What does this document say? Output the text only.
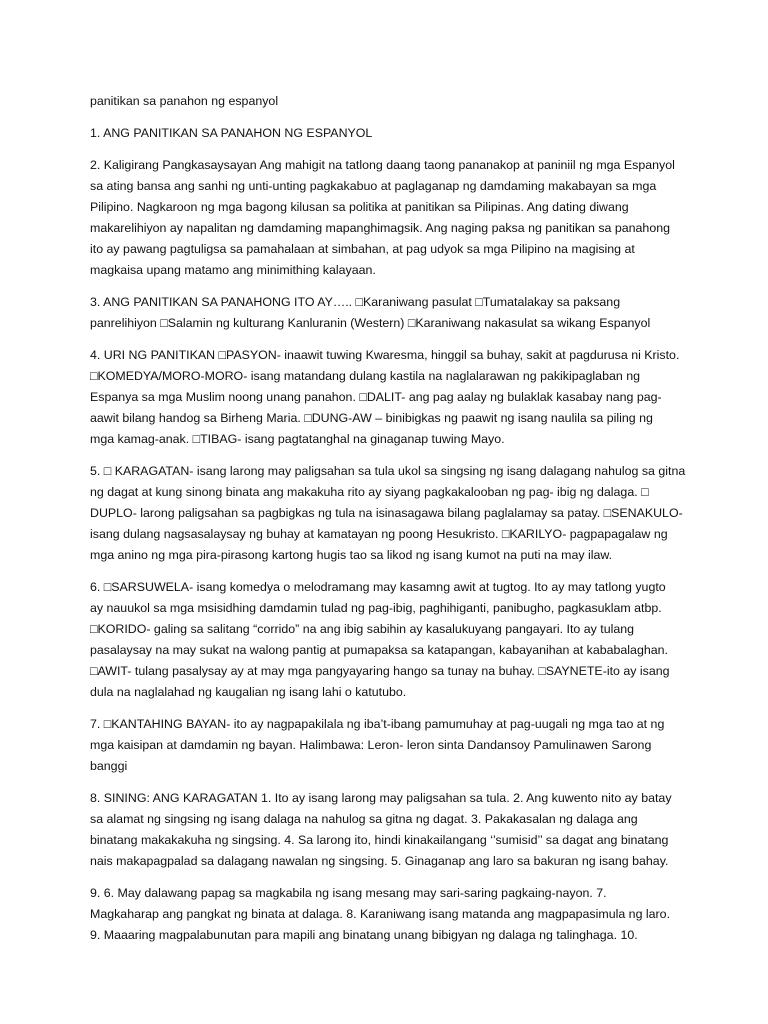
panitikan sa panahon ng espanyol

1. ANG PANITIKAN SA PANAHON NG ESPANYOL

2. Kaligirang Pangkasaysayan Ang mahigit na tatlong daang taong pananakop at paniniil ng mga Espanyol
sa ating bansa ang sanhi ng unti-unting pagkakabuo at paglaganap ng damdaming makabayan sa mga
Pilipino. Nagkaroon ng mga bagong kilusan sa politika at panitikan sa Pilipinas. Ang dating diwang
makarelihiyon ay napalitan ng damdaming mapanghimagsik. Ang naging paksa ng panitikan sa panahong
ito ay pawang pagtuligsa sa pamahalaan at simbahan, at pag udyok sa mga Pilipino na magising at
magkaisa upang matamo ang minimithing kalayaan.

3. ANG PANITIKAN SA PANAHONG ITO AY….. □Karaniwang pasulat □Tumatalakay sa paksang
panrelihiyon □Salamin ng kulturang Kanluranin (Western) □Karaniwang nakasulat sa wikang Espanyol

4. URI NG PANITIKAN □PASYON- inaawit tuwing Kwaresma, hinggil sa buhay, sakit at pagdurusa ni Kristo.
□KOMEDYA/MORO-MORO- isang matandang dulang kastila na naglalarawan ng pakikipaglaban ng
Espanya sa mga Muslim noong unang panahon. □DALIT- ang pag aalay ng bulaklak kasabay nang pag-
aawit bilang handog sa Birheng Maria. □DUNG-AW – binibigkas ng paawit ng isang naulila sa piling ng
mga kamag-anak. □TIBAG- isang pagtatanghal na ginaganap tuwing Mayo.

5. □ KARAGATAN- isang larong may paligsahan sa tula ukol sa singsing ng isang dalagang nahulog sa gitna
ng dagat at kung sinong binata ang makakuha rito ay siyang pagkakalooban ng pag- ibig ng dalaga. □
DUPLO- larong paligsahan sa pagbigkas ng tula na isinasagawa bilang paglalamay sa patay. □SENAKULO-
isang dulang nagsasalaysay ng buhay at kamatayan ng poong Hesukristo. □KARILYO- pagpapagalaw ng
mga anino ng mga pira-pirasong kartong hugis tao sa likod ng isang kumot na puti na may ilaw.

6. □SARSUWELA- isang komedya o melodramang may kasamng awit at tugtog. Ito ay may tatlong yugto
ay nauukol sa mga msisidhing damdamin tulad ng pag-ibig, paghihiganti, panibugho, pagkasuklam atbp.
□KORIDO- galing sa salitang “corrido” na ang ibig sabihin ay kasalukuyang pangayari. Ito ay tulang
pasalaysay na may sukat na walong pantig at pumapaksa sa katapangan, kabayanihan at kababalaghan.
□AWIT- tulang pasalysay ay at may mga pangyayaring hango sa tunay na buhay. □SAYNETE-ito ay isang
dula na naglalahad ng kaugalian ng isang lahi o katutubo.

7. □KANTAHING BAYAN- ito ay nagpapakilala ng iba’t-ibang pamumuhay at pag-uugali ng mga tao at ng
mga kaisipan at damdamin ng bayan. Halimbawa: Leron- leron sinta Dandansoy Pamulinawen Sarong
banggi

8. SINING: ANG KARAGATAN 1. Ito ay isang larong may paligsahan sa tula. 2. Ang kuwento nito ay batay
sa alamat ng singsing ng isang dalaga na nahulog sa gitna ng dagat. 3. Pakakasalan ng dalaga ang
binatang makakakuha ng singsing. 4. Sa larong ito, hindi kinakailangang ‘’sumisid’’ sa dagat ang binatang
nais makapagpalad sa dalagang nawalan ng singsing. 5. Ginaganap ang laro sa bakuran ng isang bahay.

9. 6. May dalawang papag sa magkabila ng isang mesang may sari-saring pagkaing-nayon. 7.
Magkaharap ang pangkat ng binata at dalaga. 8. Karaniwang isang matanda ang magpapasimula ng laro.
9. Maaaring magpalabunutan para mapili ang binatang unang bibigyan ng dalaga ng talinghaga. 10.
